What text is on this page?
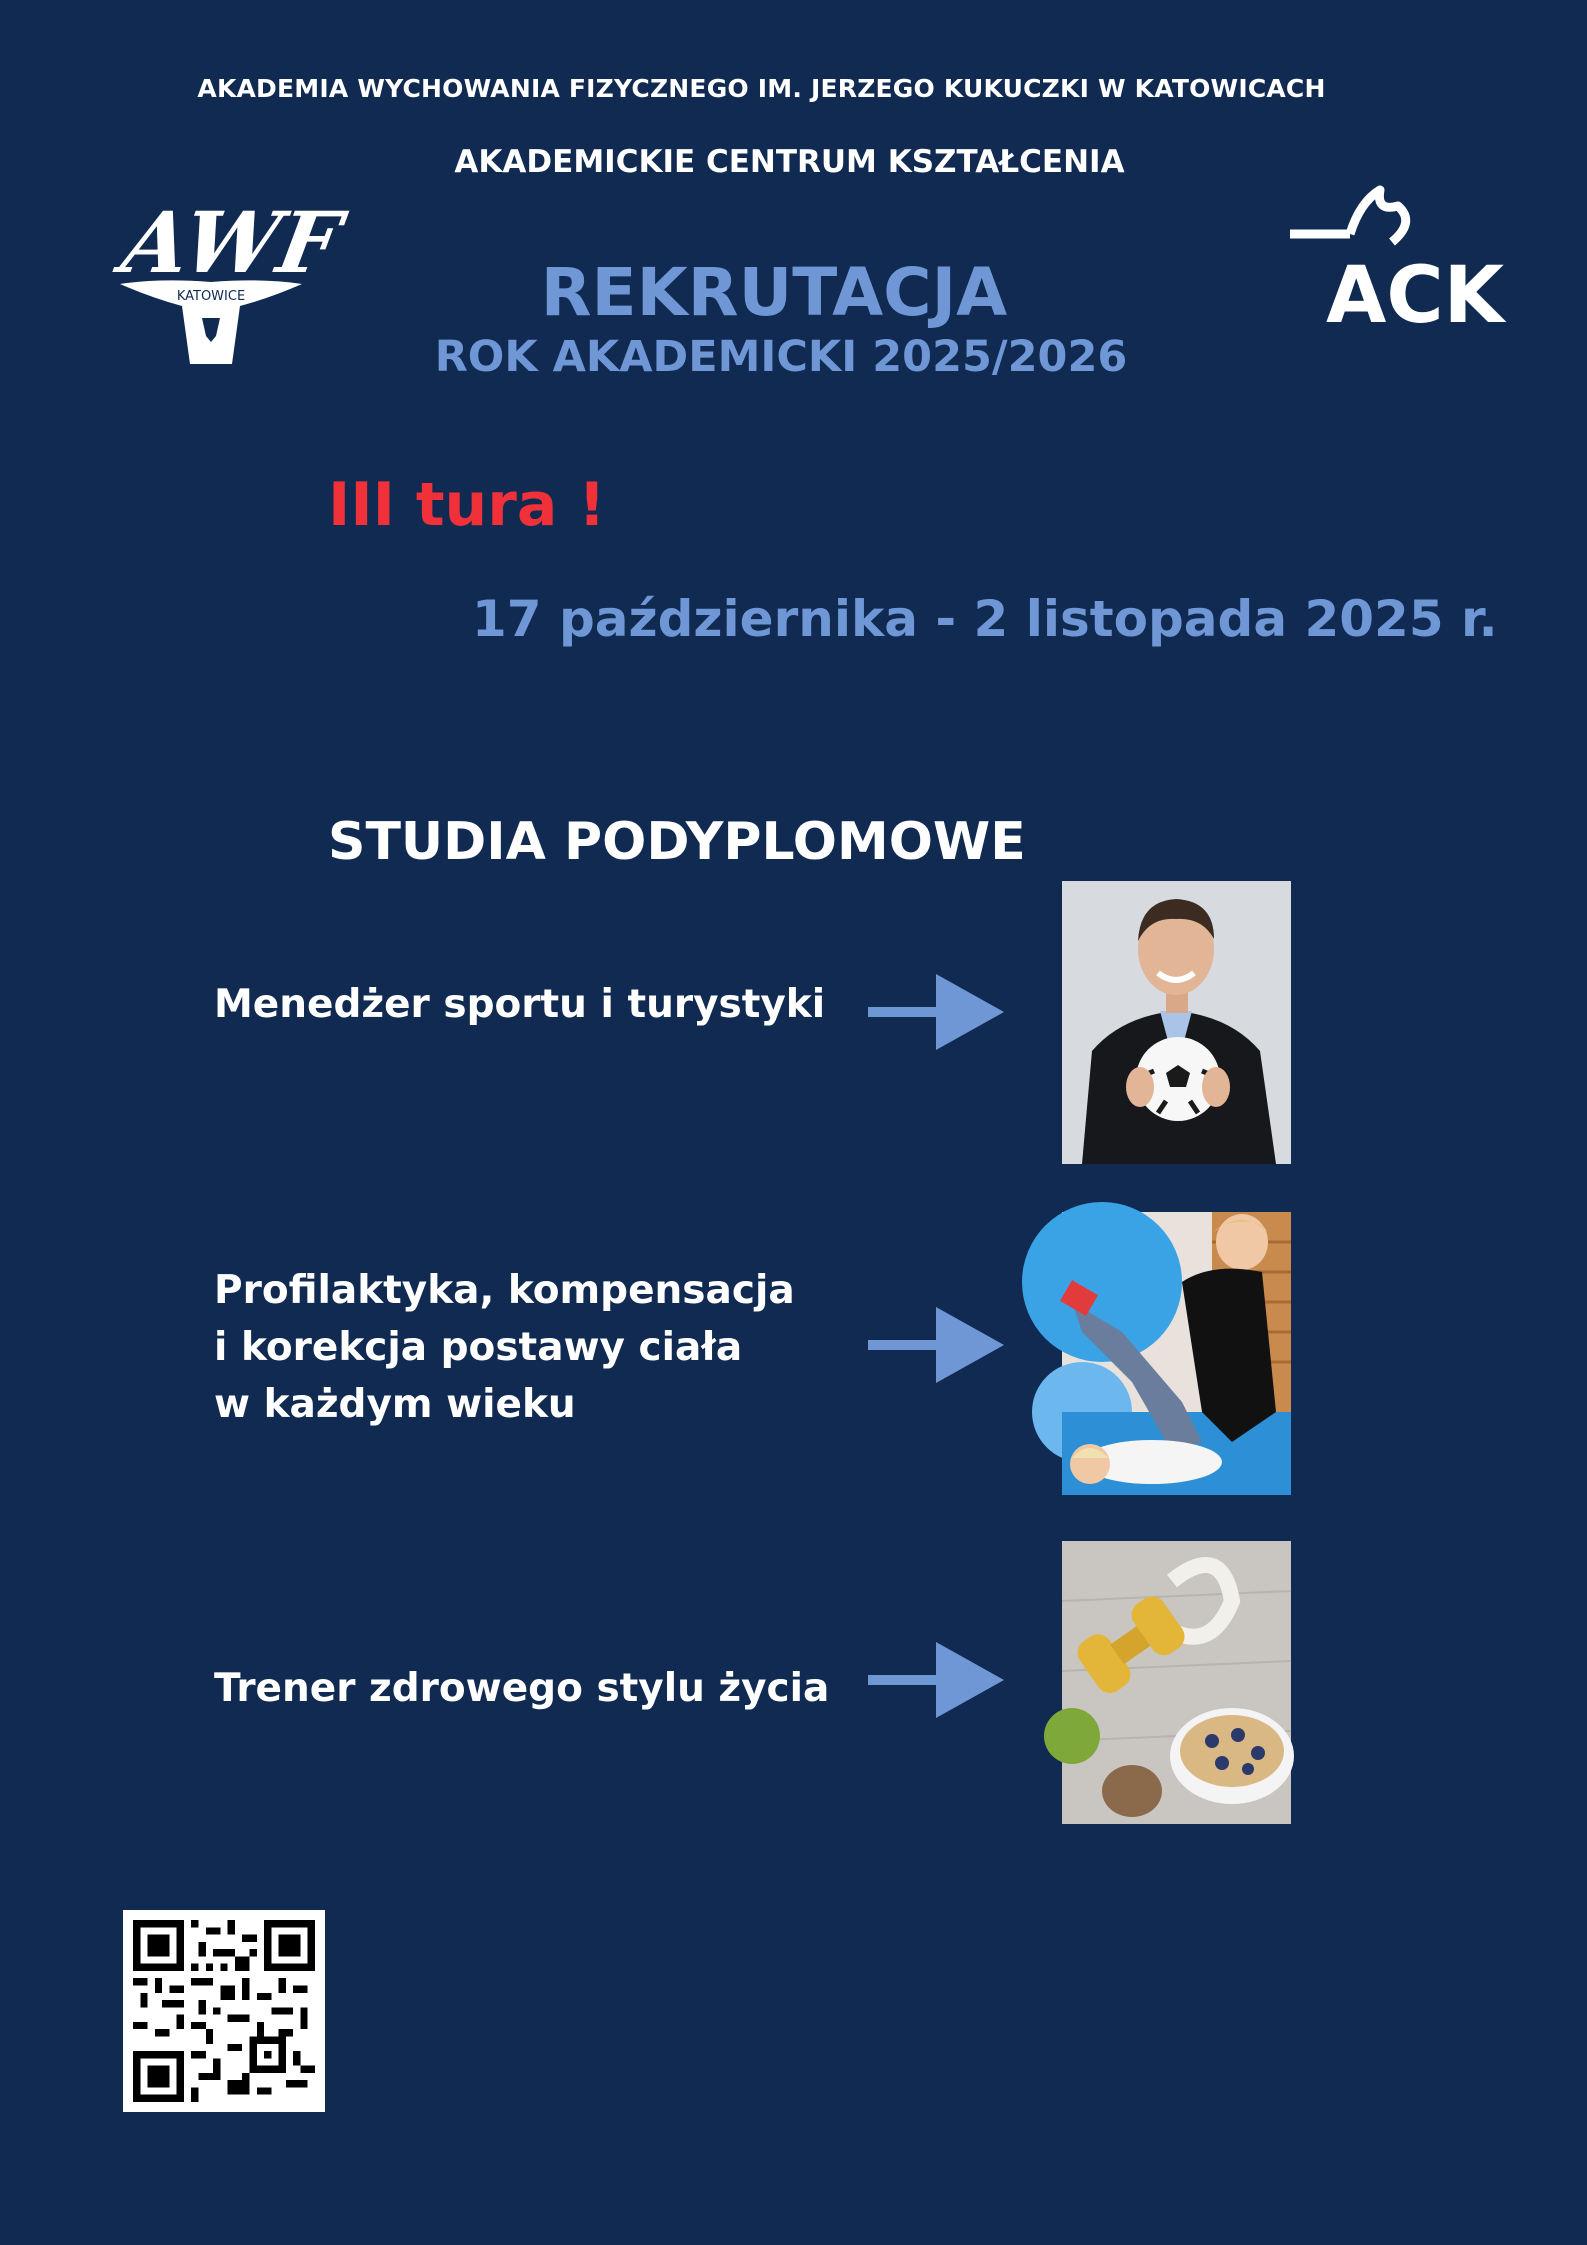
AKADEMIA WYCHOWANIA FIZYCZNEGO IM. JERZEGO KUKUCZKI W KATOWICACH
AKADEMICKIE CENTRUM KSZTAŁCENIA
AWF
KATOWICE	ACK
REKRUTACJA
ROK AKADEMICKI 2025/2026
III tura !
17 października - 2 listopada 2025 r.
STUDIA PODYPLOMOWE
Menedżer sportu i turystyki
Profilaktyka, kompensacja
i korekcja postawy ciała
w każdym wieku
Trener zdrowego stylu życia
